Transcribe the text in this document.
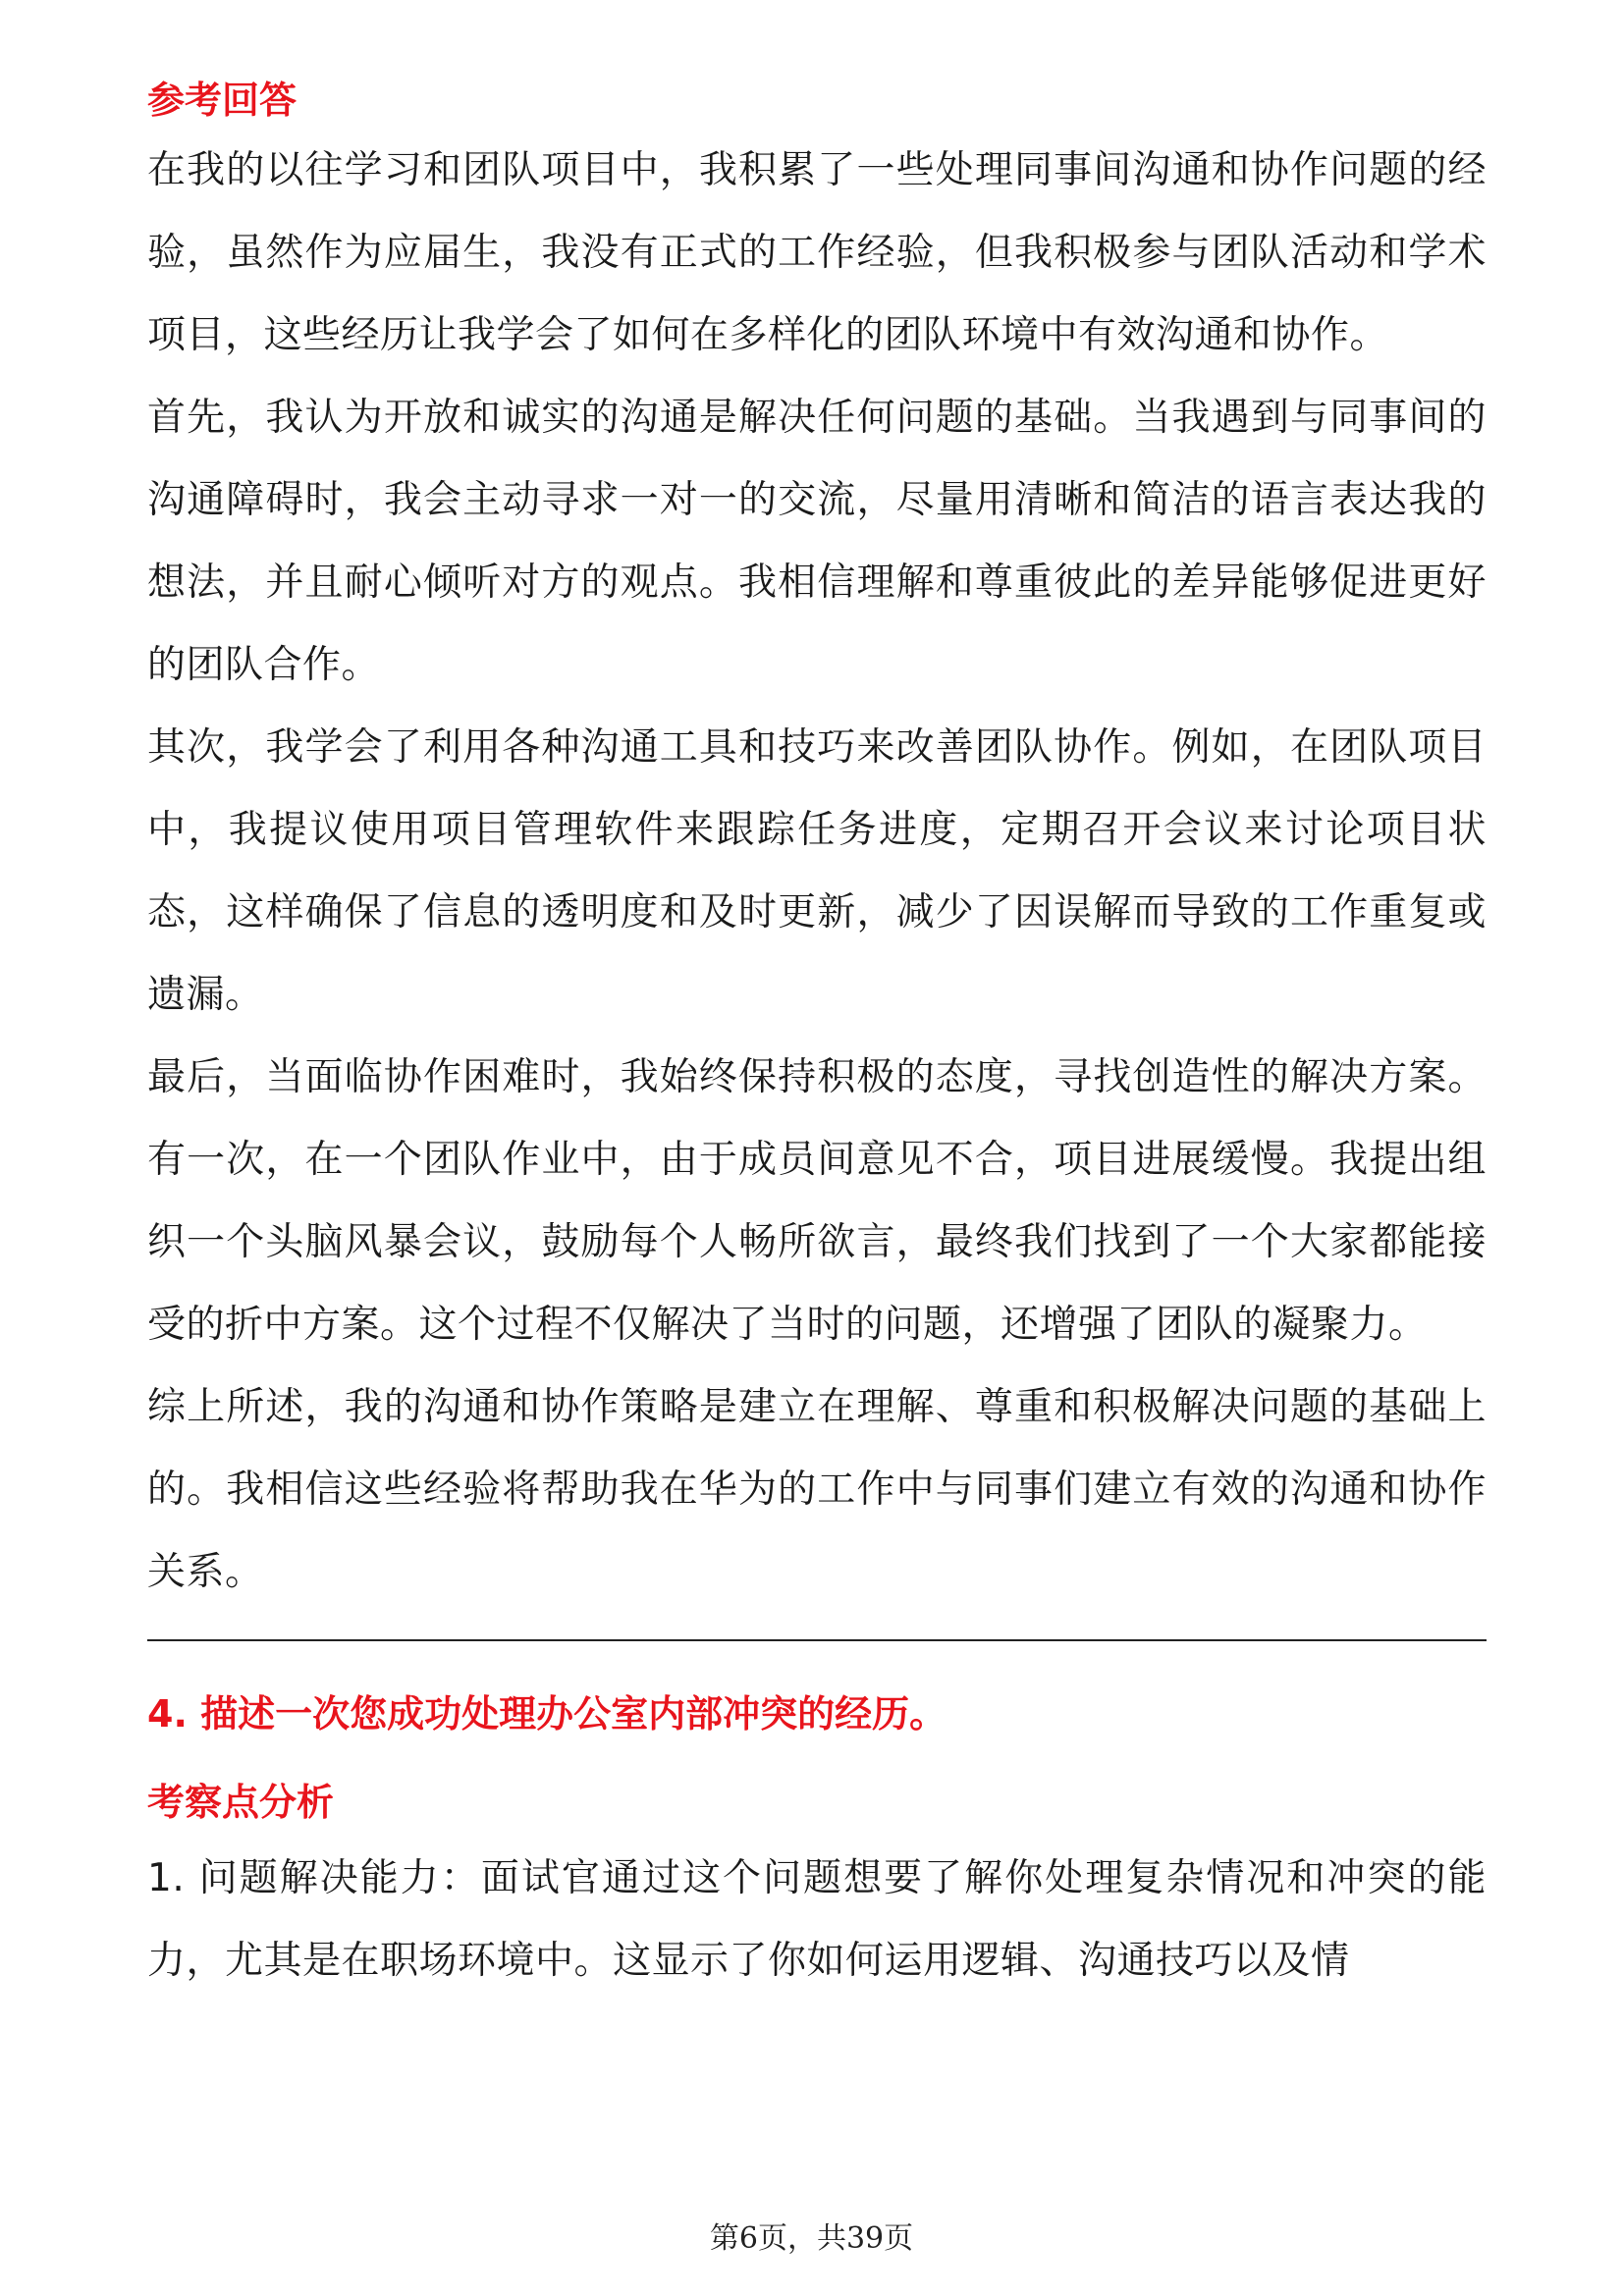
参考回答

在我的以往学习和团队项目中，我积累了一些处理同事间沟通和协作问题的经验，虽然作为应届生，我没有正式的工作经验，但我积极参与团队活动和学术项目，这些经历让我学会了如何在多样化的团队环境中有效沟通和协作。

首先，我认为开放和诚实的沟通是解决任何问题的基础。当我遇到与同事间的沟通障碍时，我会主动寻求一对一的交流，尽量用清晰和简洁的语言表达我的想法，并且耐心倾听对方的观点。我相信理解和尊重彼此的差异能够促进更好的团队合作。

其次，我学会了利用各种沟通工具和技巧来改善团队协作。例如，在团队项目中，我提议使用项目管理软件来跟踪任务进度，定期召开会议来讨论项目状态，这样确保了信息的透明度和及时更新，减少了因误解而导致的工作重复或遗漏。

最后，当面临协作困难时，我始终保持积极的态度，寻找创造性的解决方案。有一次，在一个团队作业中，由于成员间意见不合，项目进展缓慢。我提出组织一个头脑风暴会议，鼓励每个人畅所欲言，最终我们找到了一个大家都能接受的折中方案。这个过程不仅解决了当时的问题，还增强了团队的凝聚力。

综上所述，我的沟通和协作策略是建立在理解、尊重和积极解决问题的基础上的。我相信这些经验将帮助我在华为的工作中与同事们建立有效的沟通和协作关系。

4. 描述一次您成功处理办公室内部冲突的经历。
考察点分析

1. 问题解决能力：面试官通过这个问题想要了解你处理复杂情况和冲突的能力，尤其是在职场环境中。这显示了你如何运用逻辑、沟通技巧以及情

第6页，共39页
